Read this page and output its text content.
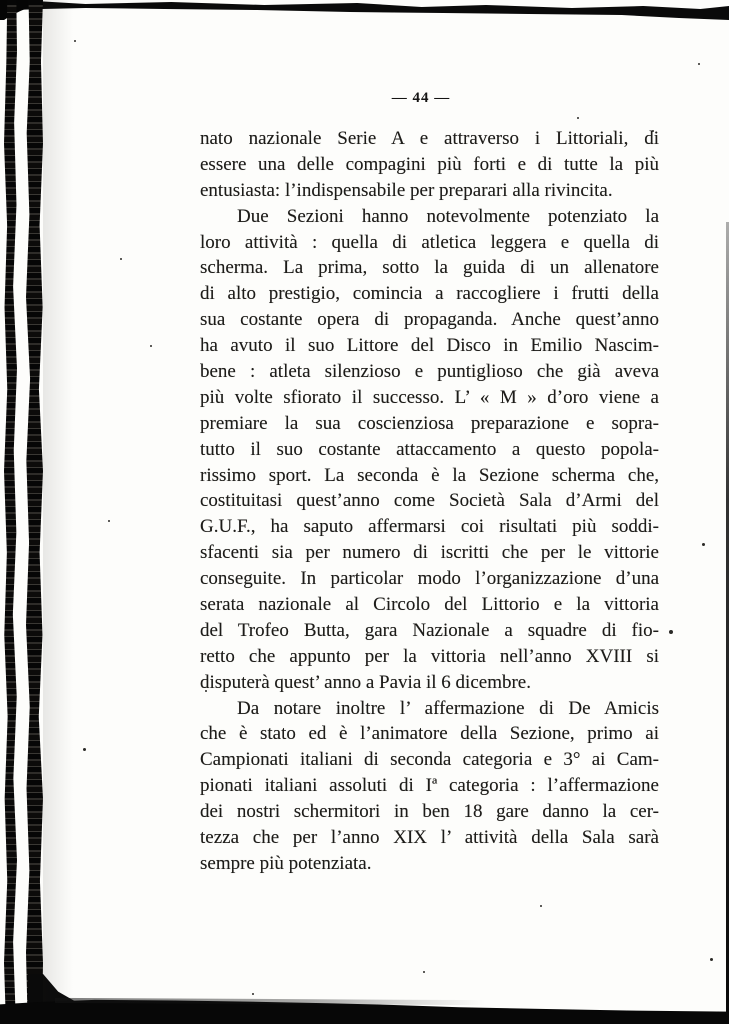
— 44 —
nato nazionale Serie A e attraverso i Littoriali, di
essere una delle compagini più forti e di tutte la più
entusiasta: l’indispensabile per preparari alla rivincita.
Due Sezioni hanno notevolmente potenziato la
loro attività : quella di atletica leggera e quella di
scherma. La prima, sotto la guida di un allenatore
di alto prestigio, comincia a raccogliere i frutti della
sua costante opera di propaganda. Anche quest’anno
ha avuto il suo Littore del Disco in Emilio Nascim-
bene : atleta silenzioso e puntiglioso che già aveva
più volte sfiorato il successo. L’ « M » d’oro viene a
premiare la sua coscienziosa preparazione e sopra-
tutto il suo costante attaccamento a questo popola-
rissimo sport. La seconda è la Sezione scherma che,
costituitasi quest’anno come Società Sala d’Armi del
G.U.F., ha saputo affermarsi coi risultati più soddi-
sfacenti sia per numero di iscritti che per le vittorie
conseguite. In particolar modo l’organizzazione d’una
serata nazionale al Circolo del Littorio e la vittoria
del Trofeo Butta, gara Nazionale a squadre di fio-
retto che appunto per la vittoria nell’anno XVIII si
disputerà quest’ anno a Pavia il 6 dicembre.
Da notare inoltre l’ affermazione di De Amicis
che è stato ed è l’animatore della Sezione, primo ai
Campionati italiani di seconda categoria e 3° ai Cam-
pionati italiani assoluti di Iª categoria : l’affermazione
dei nostri schermitori in ben 18 gare danno la cer-
tezza che per l’anno XIX l’ attività della Sala sarà
sempre più potenziata.
